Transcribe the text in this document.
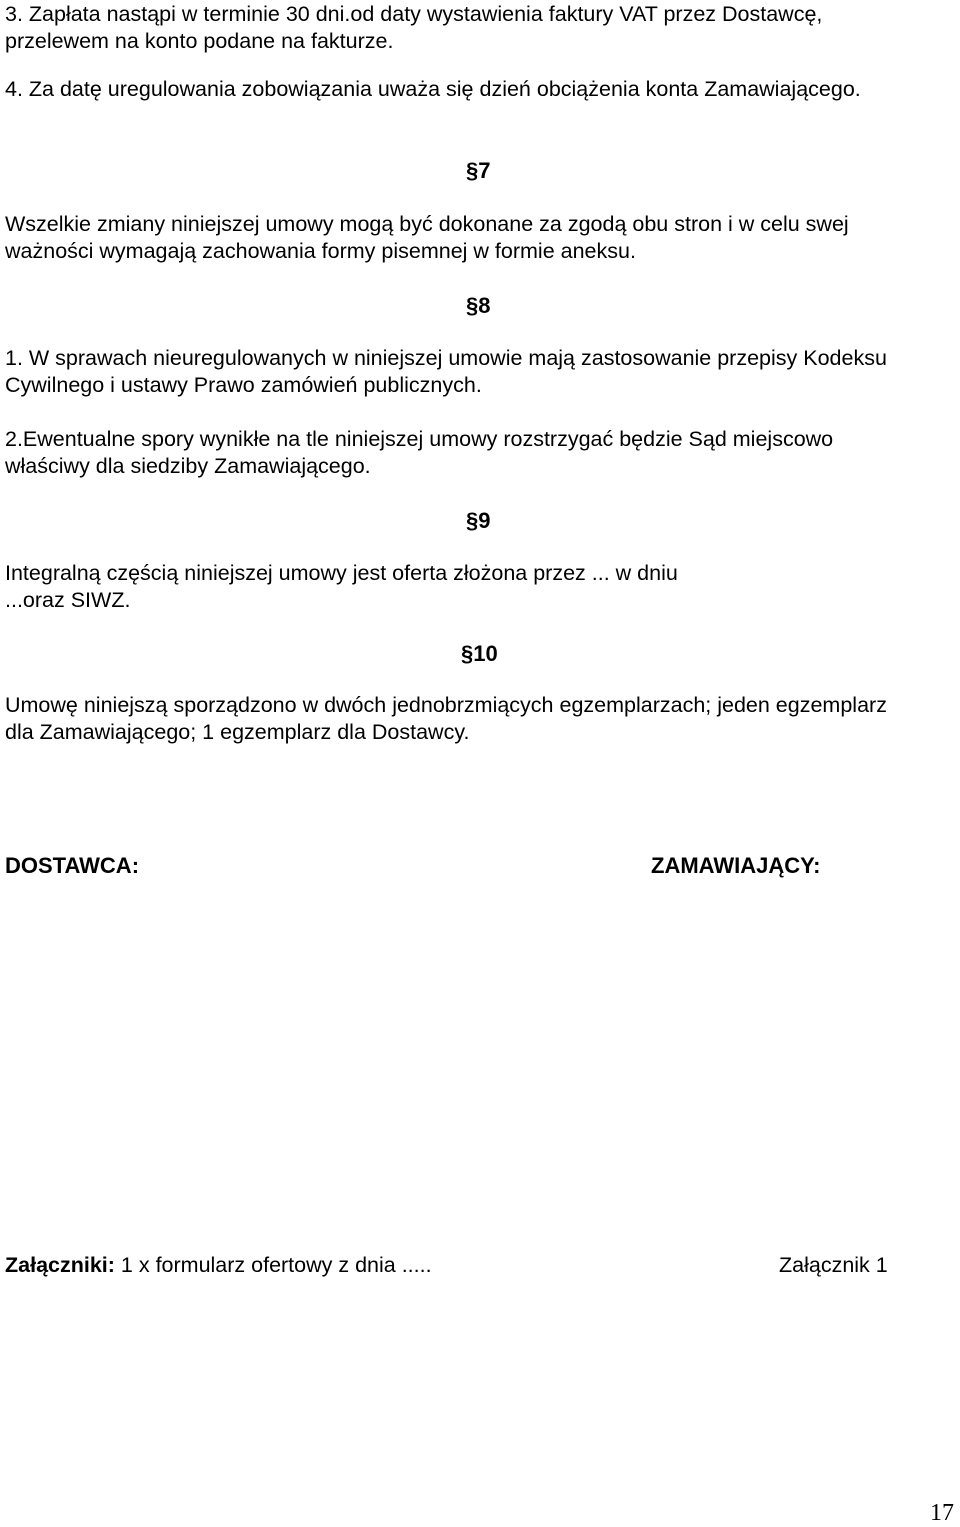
3. Zapłata nastąpi w terminie 30 dni.od daty wystawienia faktury VAT przez Dostawcę,
przelewem na konto podane na fakturze.
4. Za datę uregulowania zobowiązania uważa się dzień obciążenia konta Zamawiającego.
§7
Wszelkie zmiany niniejszej umowy mogą być dokonane za zgodą obu stron i w celu swej
ważności wymagają zachowania formy pisemnej w formie aneksu.
§8
1. W sprawach nieuregulowanych w niniejszej umowie mają zastosowanie przepisy Kodeksu
Cywilnego i ustawy Prawo zamówień publicznych.
2.Ewentualne spory wynikłe na tle niniejszej umowy rozstrzygać będzie Sąd miejscowo
właściwy dla siedziby Zamawiającego.
§9
Integralną częścią niniejszej umowy jest oferta złożona przez ... w dniu
...oraz SIWZ.
§10
Umowę niniejszą sporządzono w dwóch jednobrzmiących egzemplarzach; jeden egzemplarz
dla Zamawiającego; 1 egzemplarz dla Dostawcy.
DOSTAWCA:	ZAMAWIAJĄCY:
Załączniki: 1 x formularz ofertowy z dnia .....	Załącznik 1
17
